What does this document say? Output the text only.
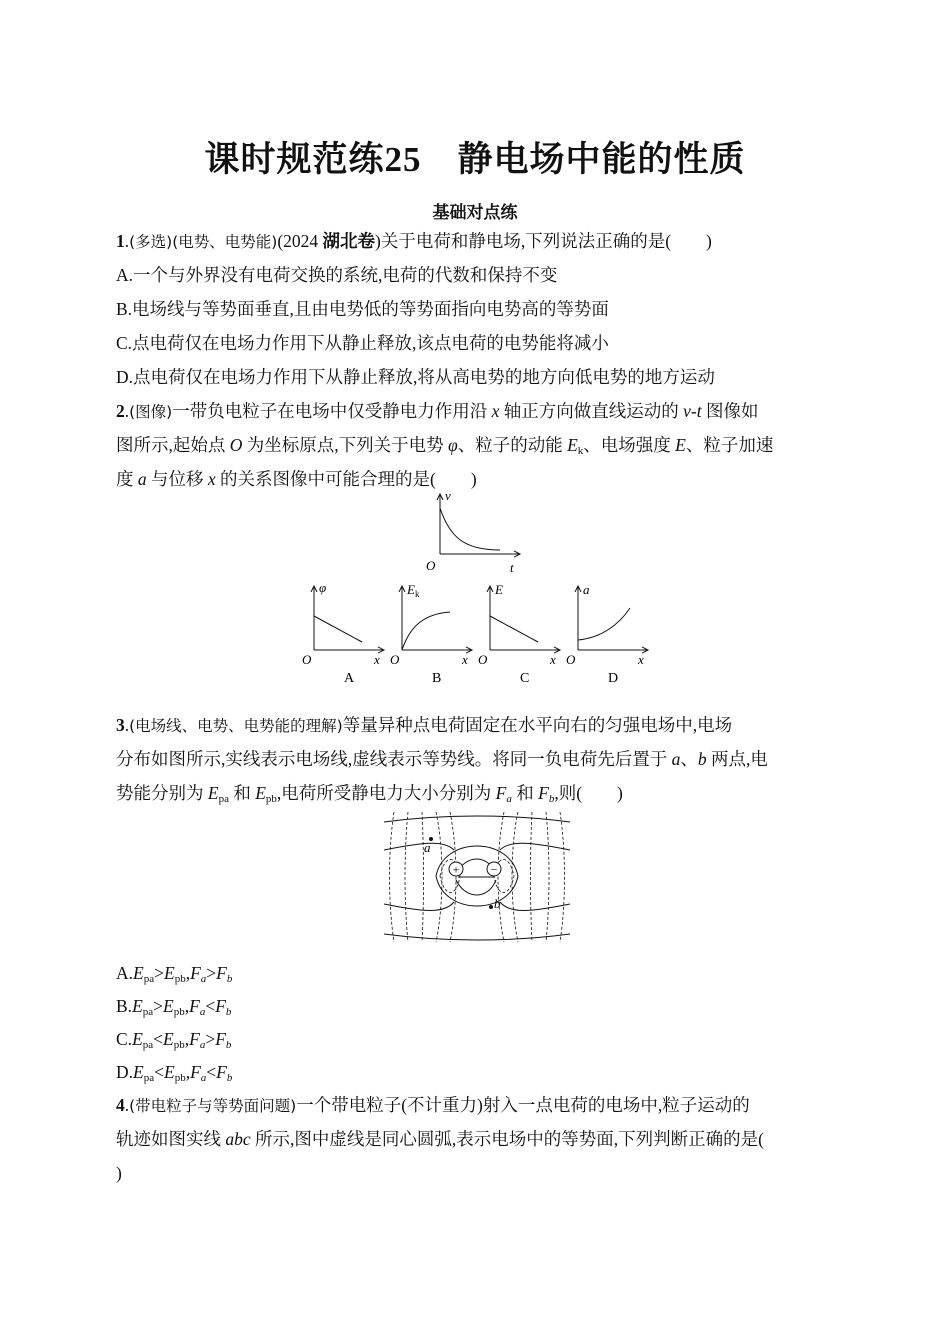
课时规范练25　静电场中能的性质
基础对点练
1.(多选)(电势、电势能)(2024 湖北卷)关于电荷和静电场,下列说法正确的是(　　)
A.一个与外界没有电荷交换的系统,电荷的代数和保持不变
B.电场线与等势面垂直,且由电势低的等势面指向电势高的等势面
C.点电荷仅在电场力作用下从静止释放,该点电荷的电势能将减小
D.点电荷仅在电场力作用下从静止释放,将从高电势的地方向低电势的地方运动
2.(图像)一带负电粒子在电场中仅受静电力作用沿 x 轴正方向做直线运动的 v-t 图像如
图所示,起始点 O 为坐标原点,下列关于电势 φ、粒子的动能 $E_k$、电场强度 E、粒子加速
度 a 与位移 x 的关系图像中可能合理的是(　　)
v
t
O
φ
x
O
A
$E_k$
x
O
B
E
x
O
C
a
x
O
D
3.(电场线、电势、电势能的理解)等量异种点电荷固定在水平向右的匀强电场中,电场
分布如图所示,实线表示电场线,虚线表示等势线。将同一负电荷先后置于 a、b 两点,电
势能分别为 $E_{pa}$ 和 $E_{pb}$,电荷所受静电力大小分别为 $F_a$ 和 $F_b$,则(　　)
+	−
a
b
$A.E_{pa}>E_{pb},F_a>F_b$
$B.E_{pa}>E_{pb},F_a<F_b$
$C.E_{pa}<E_{pb},F_a>F_b$
$D.E_{pa}<E_{pb},F_a<F_b$
4.(带电粒子与等势面问题)一个带电粒子(不计重力)射入一点电荷的电场中,粒子运动的
轨迹如图实线 abc 所示,图中虚线是同心圆弧,表示电场中的等势面,下列判断正确的是(
)
